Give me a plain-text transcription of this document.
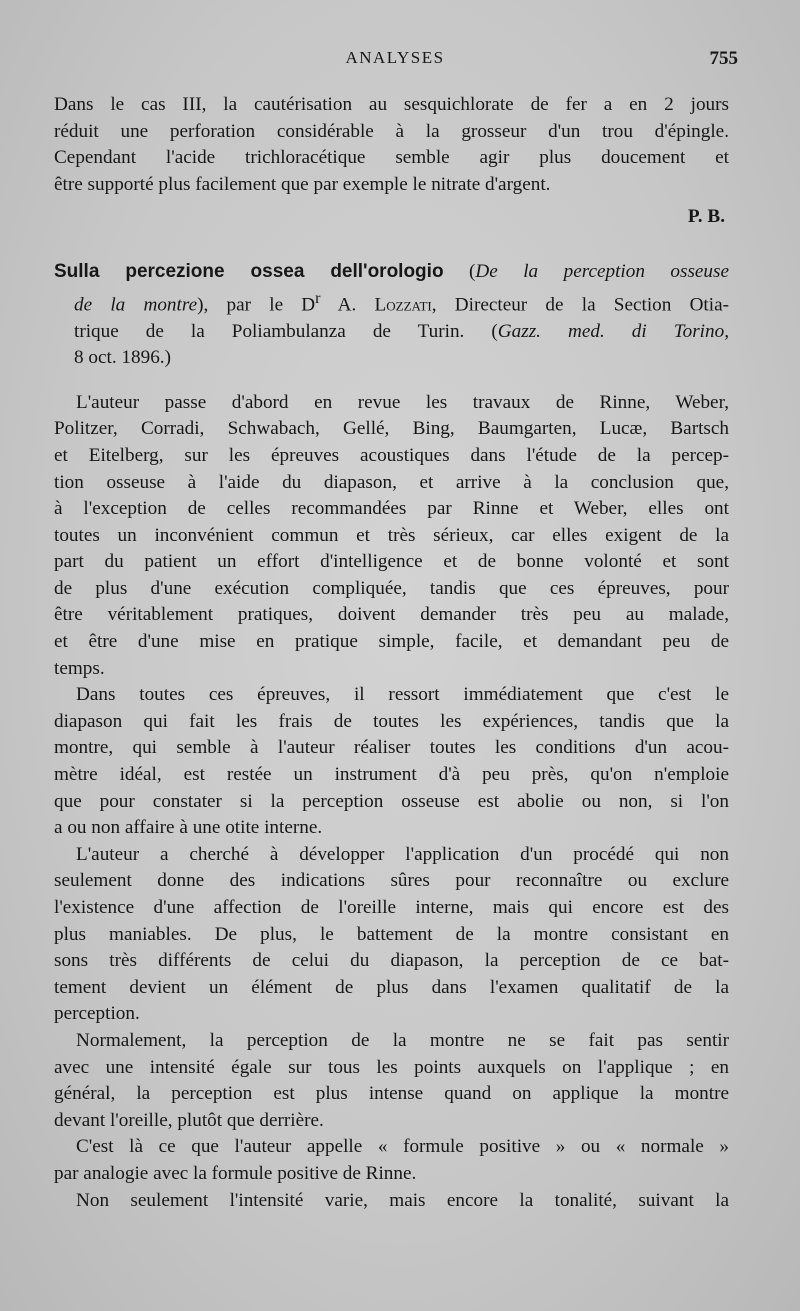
ANALYSES	755
Dans le cas III, la cautérisation au sesquichlorate de fer a en 2 jours
réduit une perforation considérable à la grosseur d'un trou d'épingle.
Cependant l'acide trichloracétique semble agir plus doucement et
être supporté plus facilement que par exemple le nitrate d'argent.
P. B.
Sulla percezione ossea dell'orologio (De la perception osseuse
de la montre), par le $D^r$ A. Lozzati, Directeur de la Section Otia-
trique de la Poliambulanza de Turin. (Gazz. med. di Torino,
8 oct. 1896.)
L'auteur passe d'abord en revue les travaux de Rinne, Weber,
Politzer, Corradi, Schwabach, Gellé, Bing, Baumgarten, Lucæ, Bartsch
et Eitelberg, sur les épreuves acoustiques dans l'étude de la percep-
tion osseuse à l'aide du diapason, et arrive à la conclusion que,
à l'exception de celles recommandées par Rinne et Weber, elles ont
toutes un inconvénient commun et très sérieux, car elles exigent de la
part du patient un effort d'intelligence et de bonne volonté et sont
de plus d'une exécution compliquée, tandis que ces épreuves, pour
être véritablement pratiques, doivent demander très peu au malade,
et être d'une mise en pratique simple, facile, et demandant peu de
temps.
Dans toutes ces épreuves, il ressort immédiatement que c'est le
diapason qui fait les frais de toutes les expériences, tandis que la
montre, qui semble à l'auteur réaliser toutes les conditions d'un acou-
mètre idéal, est restée un instrument d'à peu près, qu'on n'emploie
que pour constater si la perception osseuse est abolie ou non, si l'on
a ou non affaire à une otite interne.
L'auteur a cherché à développer l'application d'un procédé qui non
seulement donne des indications sûres pour reconnaître ou exclure
l'existence d'une affection de l'oreille interne, mais qui encore est des
plus maniables. De plus, le battement de la montre consistant en
sons très différents de celui du diapason, la perception de ce bat-
tement devient un élément de plus dans l'examen qualitatif de la
perception.
Normalement, la perception de la montre ne se fait pas sentir
avec une intensité égale sur tous les points auxquels on l'applique ; en
général, la perception est plus intense quand on applique la montre
devant l'oreille, plutôt que derrière.
C'est là ce que l'auteur appelle « formule positive » ou « normale »
par analogie avec la formule positive de Rinne.
Non seulement l'intensité varie, mais encore la tonalité, suivant la
